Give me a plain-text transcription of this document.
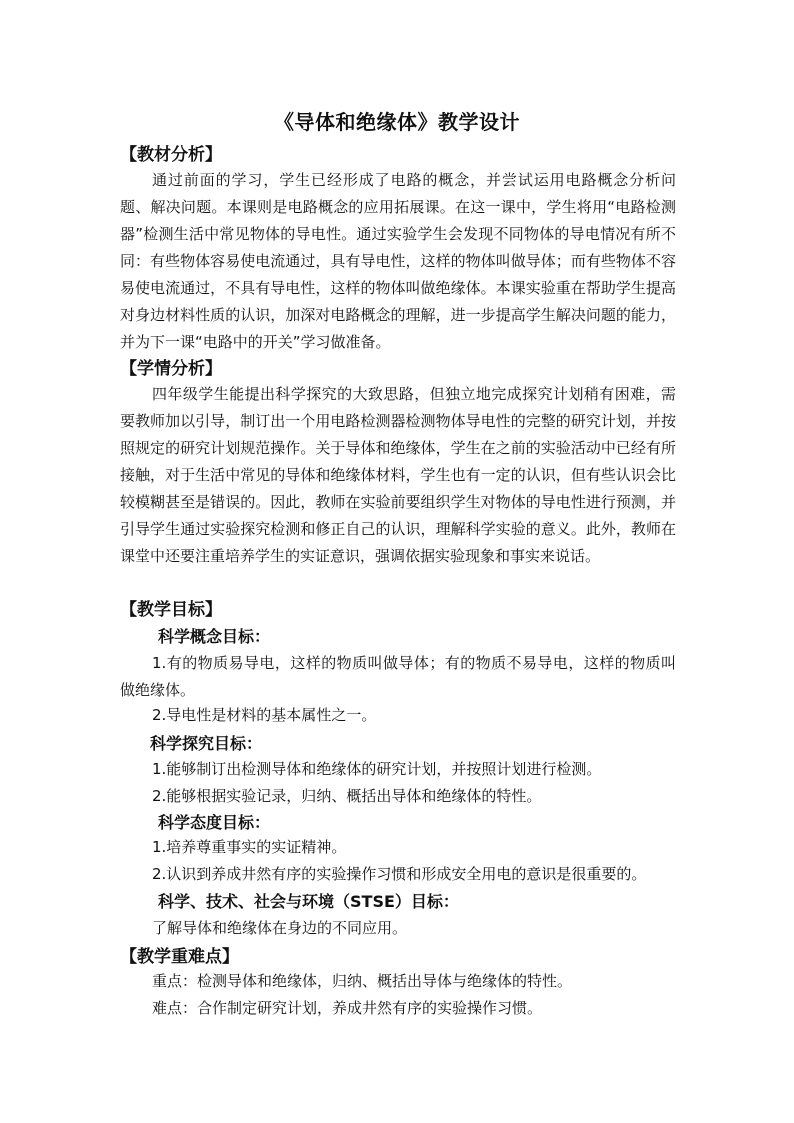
《导体和绝缘体》教学设计
【教材分析】
通过前面的学习，学生已经形成了电路的概念，并尝试运用电路概念分析问题、解决问题。本课则是电路概念的应用拓展课。在这一课中，学生将用“电路检测器”检测生活中常见物体的导电性。通过实验学生会发现不同物体的导电情况有所不同：有些物体容易使电流通过，具有导电性，这样的物体叫做导体；而有些物体不容易使电流通过，不具有导电性，这样的物体叫做绝缘体。本课实验重在帮助学生提高对身边材料性质的认识，加深对电路概念的理解，进一步提高学生解决问题的能力，并为下一课“电路中的开关”学习做准备。
【学情分析】
四年级学生能提出科学探究的大致思路，但独立地完成探究计划稍有困难，需要教师加以引导，制订出一个用电路检测器检测物体导电性的完整的研究计划，并按照规定的研究计划规范操作。关于导体和绝缘体，学生在之前的实验活动中已经有所接触，对于生活中常见的导体和绝缘体材料，学生也有一定的认识，但有些认识会比较模糊甚至是错误的。因此，教师在实验前要组织学生对物体的导电性进行预测，并引导学生通过实验探究检测和修正自己的认识，理解科学实验的意义。此外，教师在课堂中还要注重培养学生的实证意识，强调依据实验现象和事实来说话。
【教学目标】
科学概念目标：
1.有的物质易导电，这样的物质叫做导体；有的物质不易导电，这样的物质叫做绝缘体。
2.导电性是材料的基本属性之一。
科学探究目标：
1.能够制订出检测导体和绝缘体的研究计划，并按照计划进行检测。
2.能够根据实验记录，归纳、概括出导体和绝缘体的特性。
科学态度目标：
1.培养尊重事实的实证精神。
2.认识到养成井然有序的实验操作习惯和形成安全用电的意识是很重要的。
科学、技术、社会与环境（STSE）目标：
了解导体和绝缘体在身边的不同应用。
【教学重难点】
重点：检测导体和绝缘体，归纳、概括出导体与绝缘体的特性。
难点：合作制定研究计划，养成井然有序的实验操作习惯。
